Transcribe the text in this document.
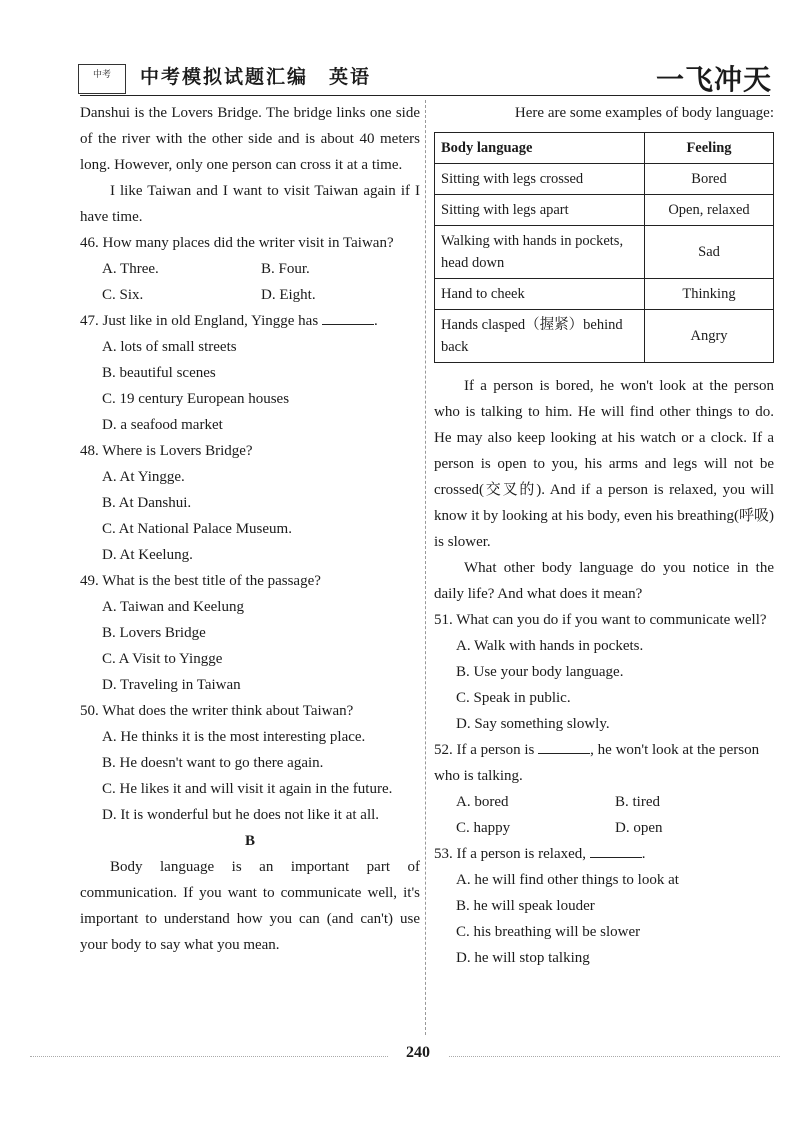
中考	中考模拟试题汇编　英语	一飞冲天

Danshui is the Lovers Bridge. The bridge links one side of the river with the other side and is about 40 meters long. However, only one person can cross it at a time.

I like Taiwan and I want to visit Taiwan again if I have time.

46. How many places did the writer visit in Taiwan?

A. Three.	B. Four.
C. Six.	D. Eight.

47. Just like in old England, Yingge has	.

A. lots of small streets

B. beautiful scenes

C. 19 century European houses

D. a seafood market

48. Where is Lovers Bridge?

A. At Yingge.

B. At Danshui.

C. At National Palace Museum.

D. At Keelung.

49. What is the best title of the passage?

A. Taiwan and Keelung

B. Lovers Bridge

C. A Visit to Yingge

D. Traveling in Taiwan

50. What does the writer think about Taiwan?

A. He thinks it is the most interesting place.

B. He doesn't want to go there again.

C. He likes it and will visit it again in the future.

D. It is wonderful but he does not like it at all.

B

Body language is an important part of communication. If you want to communicate well, it's important to understand how you can (and can't) use your body to say what you mean.

Here are some examples of body language:

Body language	Feeling
Sitting with legs crossed	Bored
Sitting with legs apart	Open, relaxed
Walking with hands in pockets, head down	Sad
Hand to cheek	Thinking
Hands clasped（握紧）behind back	Angry

If a person is bored, he won't look at the person who is talking to him. He will find other things to do. He may also keep looking at his watch or a clock. If a person is open to you, his arms and legs will not be crossed(交叉的). And if a person is relaxed, you will know it by looking at his body, even his breathing(呼吸) is slower.

What other body language do you notice in the daily life? And what does it mean?

51. What can you do if you want to communicate well?

A. Walk with hands in pockets.

B. Use your body language.

C. Speak in public.

D. Say something slowly.

52. If a person is	, he won't look at the person who is talking.

A. bored	B. tired
C. happy	D. open

53. If a person is relaxed,	.

A. he will find other things to look at

B. he will speak louder

C. his breathing will be slower

D. he will stop talking

240
